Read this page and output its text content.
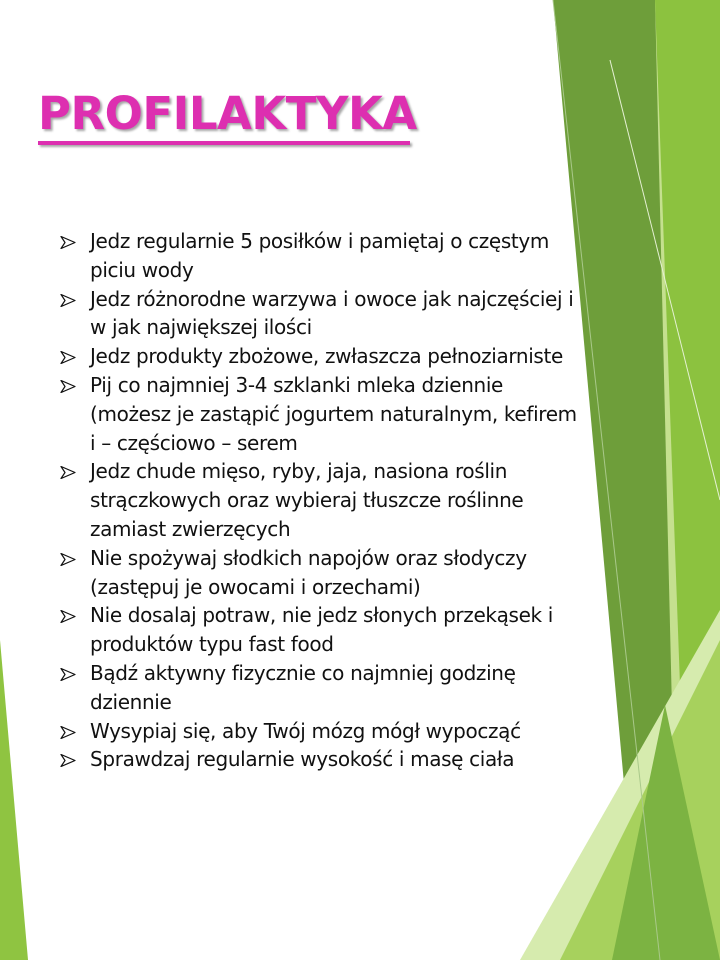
PROFILAKTYKA
Jedz regularnie 5 posiłków i pamiętaj o częstym piciu wody
Jedz różnorodne warzywa i owoce jak najczęściej i w jak największej ilości
Jedz produkty zbożowe, zwłaszcza pełnoziarniste
Pij co najmniej 3-4 szklanki mleka dziennie (możesz je zastąpić jogurtem naturalnym, kefirem i – częściowo – serem
Jedz chude mięso, ryby, jaja, nasiona roślin strączkowych oraz wybieraj tłuszcze roślinne zamiast zwierzęcych
Nie spożywaj słodkich napojów oraz słodyczy (zastępuj je owocami i orzechami)
Nie dosalaj potraw, nie jedz słonych przekąsek i produktów typu fast food
Bądź aktywny fizycznie co najmniej godzinę dziennie
Wysypiaj się, aby Twój mózg mógł wypocząć
Sprawdzaj regularnie wysokość i masę ciała
